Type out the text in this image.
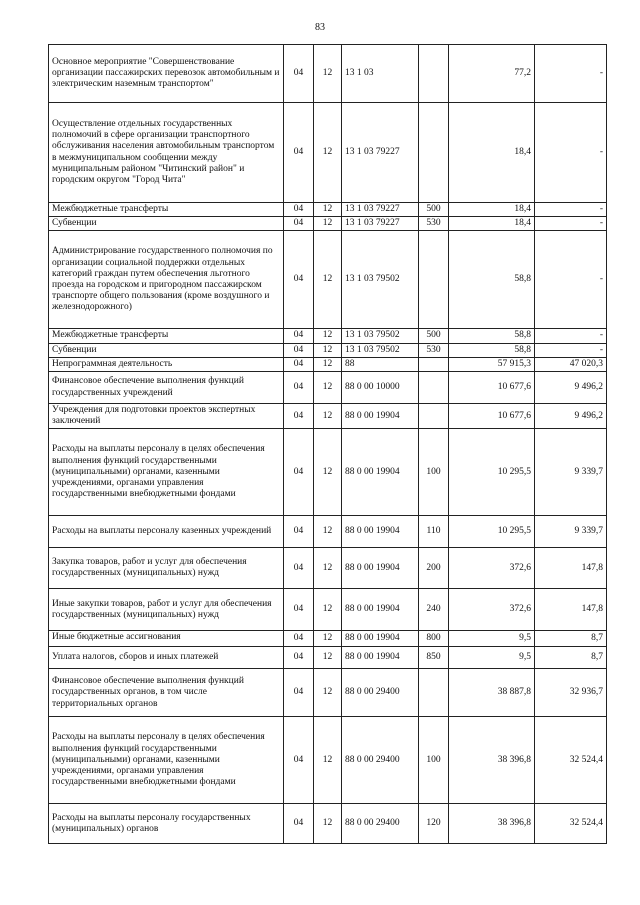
83
Основное мероприятие "Совершенствование организации пассажирских перевозок автомобильным и электрическим наземным транспортом"	04	12	13 1 03		77,2	-
Осуществление отдельных государственных полномочий в сфере организации транспортного обслуживания населения автомобильным транспортом в межмуниципальном сообщении между муниципальным районом "Читинский район" и городским округом "Город Чита"	04	12	13 1 03 79227		18,4	-
Межбюджетные трансферты	04	12	13 1 03 79227	500	18,4	-
Субвенции	04	12	13 1 03 79227	530	18,4	-
Администрирование государственного полномочия по организации социальной поддержки отдельных категорий граждан путем обеспечения льготного проезда на городском и пригородном пассажирском транспорте общего пользования (кроме воздушного и железнодорожного)	04	12	13 1 03 79502		58,8	-
Межбюджетные трансферты	04	12	13 1 03 79502	500	58,8	-
Субвенции	04	12	13 1 03 79502	530	58,8	-
Непрограммная деятельность	04	12	88		57 915,3	47 020,3
Финансовое обеспечение выполнения функций государственных учреждений	04	12	88 0 00 10000		10 677,6	9 496,2
Учреждения для подготовки проектов экспертных заключений	04	12	88 0 00 19904		10 677,6	9 496,2
Расходы на выплаты персоналу в целях обеспечения выполнения функций государственными (муниципальными) органами, казенными учреждениями, органами управления государственными внебюджетными фондами	04	12	88 0 00 19904	100	10 295,5	9 339,7
Расходы на выплаты персоналу казенных учреждений	04	12	88 0 00 19904	110	10 295,5	9 339,7
Закупка товаров, работ и услуг для обеспечения государственных (муниципальных) нужд	04	12	88 0 00 19904	200	372,6	147,8
Иные закупки товаров, работ и услуг для обеспечения государственных (муниципальных) нужд	04	12	88 0 00 19904	240	372,6	147,8
Иные бюджетные ассигнования	04	12	88 0 00 19904	800	9,5	8,7
Уплата налогов, сборов и иных платежей	04	12	88 0 00 19904	850	9,5	8,7
Финансовое обеспечение выполнения функций государственных органов, в том числе территориальных органов	04	12	88 0 00 29400		38 887,8	32 936,7
Расходы на выплаты персоналу в целях обеспечения выполнения функций государственными (муниципальными) органами, казенными учреждениями, органами управления государственными внебюджетными фондами	04	12	88 0 00 29400	100	38 396,8	32 524,4
Расходы на выплаты персоналу государственных (муниципальных) органов	04	12	88 0 00 29400	120	38 396,8	32 524,4
